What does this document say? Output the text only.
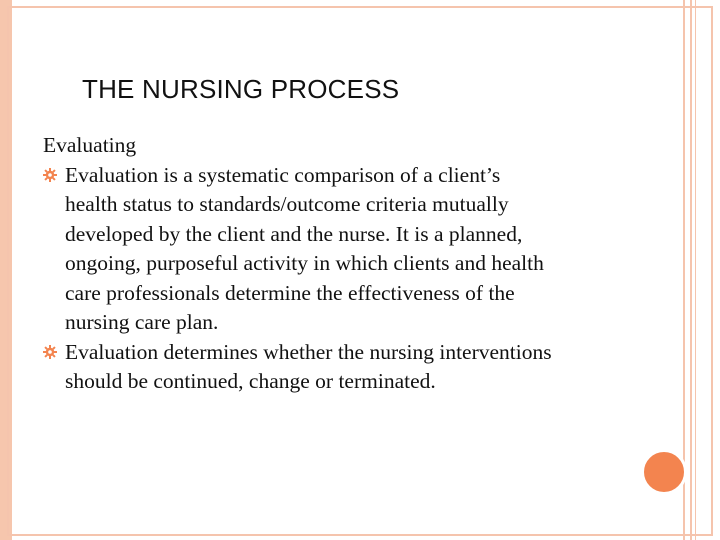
THE NURSING PROCESS

Evaluating

Evaluation is a systematic comparison of a client’s
health status to standards/outcome criteria mutually
developed by the client and the nurse. It is a planned,
ongoing, purposeful activity in which clients and health
care professionals determine the effectiveness of the
nursing care plan.
Evaluation determines whether the nursing interventions
should be continued, change or terminated.
